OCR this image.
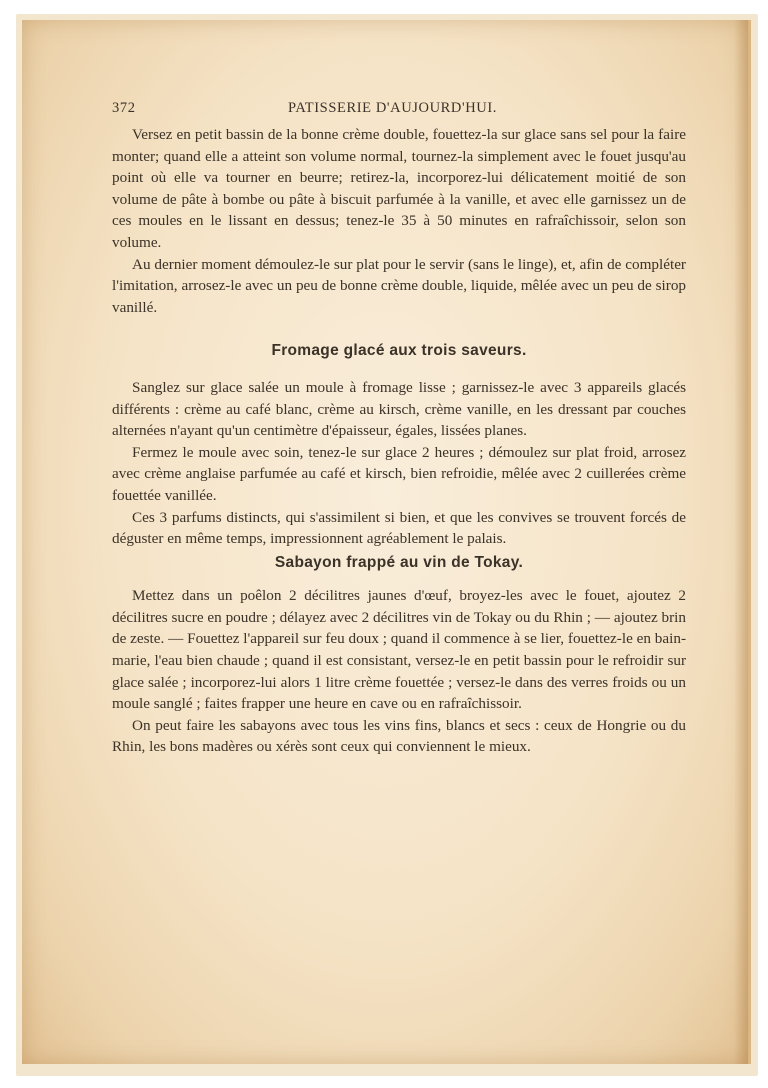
372	PATISSERIE D'AUJOURD'HUI.

Versez en petit bassin de la bonne crème double, fouettez-la sur glace sans sel pour la faire monter; quand elle a atteint son volume normal, tournez-la simplement avec le fouet jusqu'au point où elle va tourner en beurre; retirez-la, incorporez-lui délicatement moitié de son volume de pâte à bombe ou pâte à biscuit parfumée à la vanille, et avec elle garnissez un de ces moules en le lissant en dessus; tenez-le 35 à 50 minutes en rafraîchissoir, selon son volume.

Au dernier moment démoulez-le sur plat pour le servir (sans le linge), et, afin de compléter l'imitation, arrosez-le avec un peu de bonne crème double, liquide, mêlée avec un peu de sirop vanillé.

Fromage glacé aux trois saveurs.

Sanglez sur glace salée un moule à fromage lisse ; garnissez-le avec 3 appareils glacés différents : crème au café blanc, crème au kirsch, crème vanille, en les dressant par couches alternées n'ayant qu'un centimètre d'épaisseur, égales, lissées planes.

Fermez le moule avec soin, tenez-le sur glace 2 heures ; démoulez sur plat froid, arrosez avec crème anglaise parfumée au café et kirsch, bien refroidie, mêlée avec 2 cuillerées crème fouettée vanillée.

Ces 3 parfums distincts, qui s'assimilent si bien, et que les convives se trouvent forcés de déguster en même temps, impressionnent agréablement le palais.

Sabayon frappé au vin de Tokay.

Mettez dans un poêlon 2 décilitres jaunes d'œuf, broyez-les avec le fouet, ajoutez 2 décilitres sucre en poudre ; délayez avec 2 décilitres vin de Tokay ou du Rhin ; — ajoutez brin de zeste. — Fouettez l'appareil sur feu doux ; quand il commence à se lier, fouettez-le en bain-marie, l'eau bien chaude ; quand il est consistant, versez-le en petit bassin pour le refroidir sur glace salée ; incorporez-lui alors 1 litre crème fouettée ; versez-le dans des verres froids ou un moule sanglé ; faites frapper une heure en cave ou en rafraîchissoir.

On peut faire les sabayons avec tous les vins fins, blancs et secs : ceux de Hongrie ou du Rhin, les bons madères ou xérès sont ceux qui conviennent le mieux.
